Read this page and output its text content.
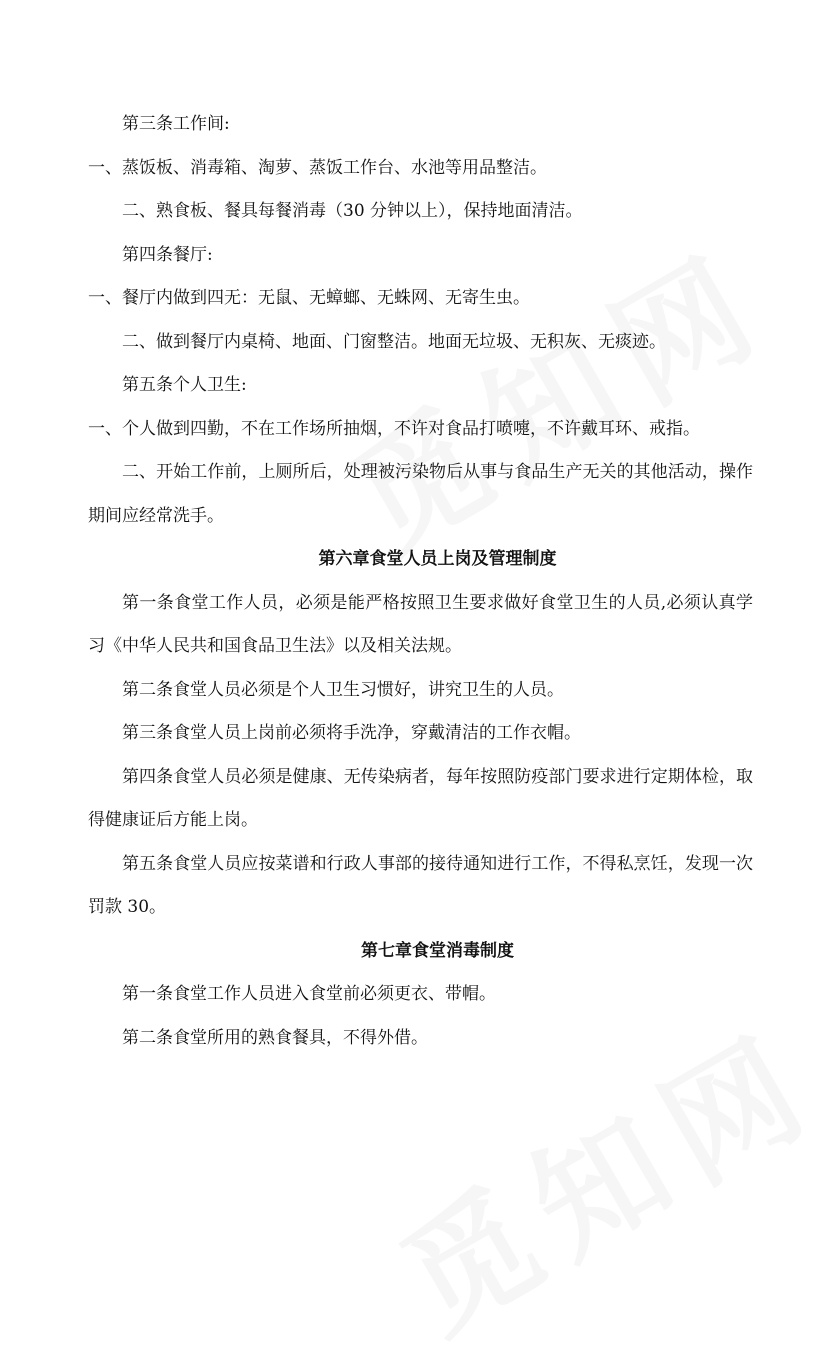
第三条工作间:

一、蒸饭板、消毒箱、淘萝、蒸饭工作台、水池等用品整洁。

二、熟食板、餐具每餐消毒（30 分钟以上），保持地面清洁。

第四条餐厅:

一、餐厅内做到四无：无鼠、无蟑螂、无蛛网、无寄生虫。

二、做到餐厅内桌椅、地面、门窗整洁。地面无垃圾、无积灰、无痰迹。

第五条个人卫生:

一、个人做到四勤，不在工作场所抽烟，不许对食品打喷嚏，不许戴耳环、戒指。

二、开始工作前，上厕所后，处理被污染物后从事与食品生产无关的其他活动，操作期间应经常洗手。

第六章食堂人员上岗及管理制度

第一条食堂工作人员，必须是能严格按照卫生要求做好食堂卫生的人员,必须认真学习《中华人民共和国食品卫生法》以及相关法规。

第二条食堂人员必须是个人卫生习惯好，讲究卫生的人员。

第三条食堂人员上岗前必须将手洗净，穿戴清洁的工作衣帽。

第四条食堂人员必须是健康、无传染病者，每年按照防疫部门要求进行定期体检，取得健康证后方能上岗。

第五条食堂人员应按菜谱和行政人事部的接待通知进行工作，不得私烹饪，发现一次罚款 30。

第七章食堂消毒制度

第一条食堂工作人员进入食堂前必须更衣、带帽。

第二条食堂所用的熟食餐具，不得外借。
